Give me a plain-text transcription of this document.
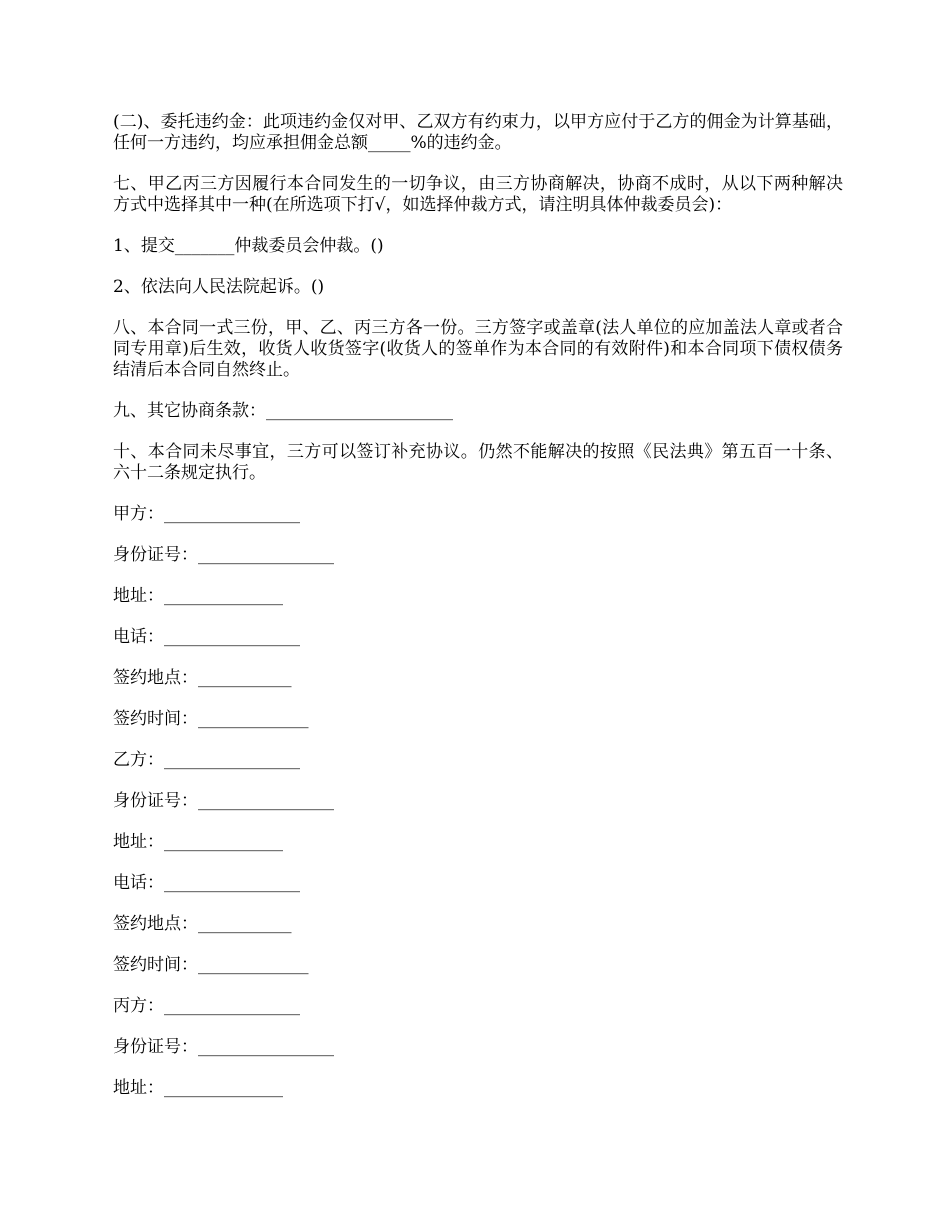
(二)、委托违约金：此项违约金仅对甲、乙双方有约束力，以甲方应付于乙方的佣金为计算基础，任何一方违约，均应承担佣金总额_____%的违约金。

七、甲乙丙三方因履行本合同发生的一切争议，由三方协商解决，协商不成时，从以下两种解决方式中选择其中一种(在所选项下打√，如选择仲裁方式，请注明具体仲裁委员会)：

1、提交_______仲裁委员会仲裁。()

2、依法向人民法院起诉。()

八、本合同一式三份，甲、乙、丙三方各一份。三方签字或盖章(法人单位的应加盖法人章或者合同专用章)后生效，收货人收货签字(收货人的签单作为本合同的有效附件)和本合同项下债权债务结清后本合同自然终止。

九、其它协商条款：______________________

十、本合同未尽事宜，三方可以签订补充协议。仍然不能解决的按照《民法典》第五百一十条、六十二条规定执行。

甲方：________________
身份证号：________________
地址：______________
电话：________________
签约地点：___________
签约时间：_____________
乙方：________________
身份证号：________________
地址：______________
电话：________________
签约地点：___________
签约时间：_____________
丙方：________________
身份证号：________________
地址：______________
